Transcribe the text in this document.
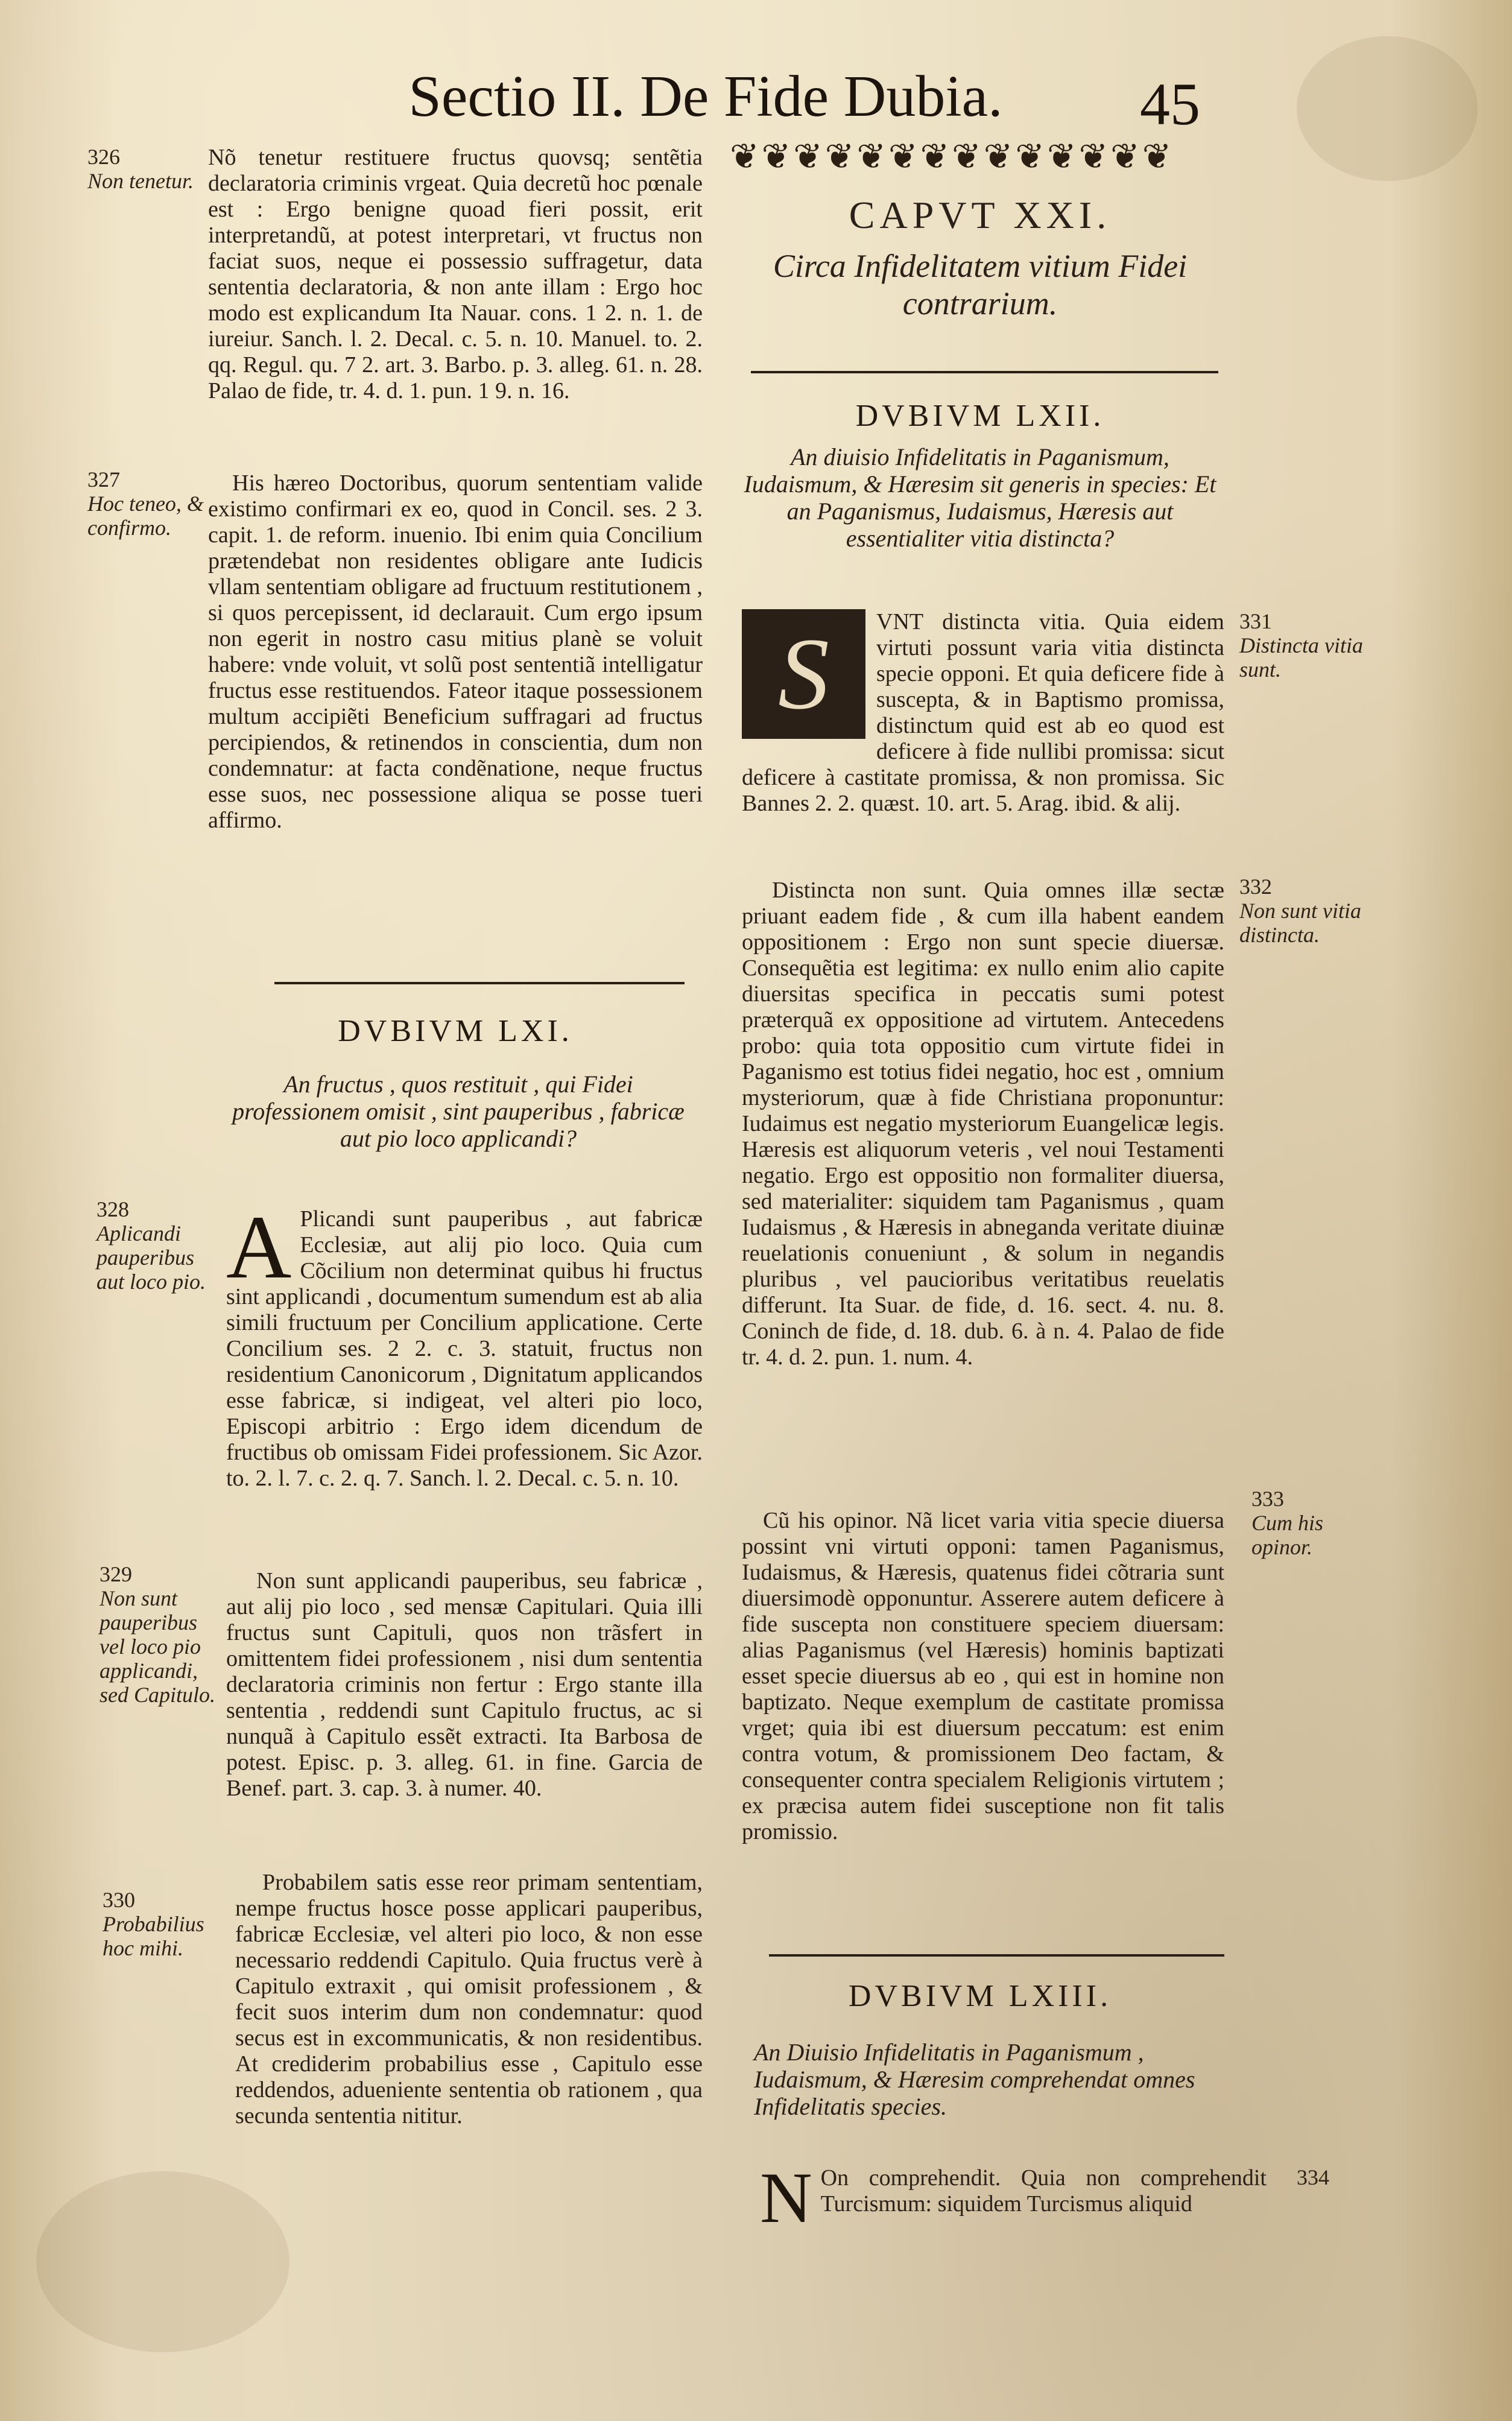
Sectio II. De Fide Dubia.	45
326
Non tenetur.

Nõ tenetur restituere fructus quovsq; sentẽtia declaratoria criminis vrgeat. Quia decretũ hoc pœnale est : Ergo benigne quoad fieri possit, erit interpretandũ, at potest interpretari, vt fructus non faciat suos, neque ei possessio suffragetur, data sententia declaratoria, & non ante illam : Ergo hoc modo est explicandum Ita Nauar. cons. 1 2. n. 1. de iureiur. Sanch. l. 2. Decal. c. 5. n. 10. Manuel. to. 2. qq. Regul. qu. 7 2. art. 3. Barbo. p. 3. alleg. 61. n. 28. Palao de fide, tr. 4. d. 1. pun. 1 9. n. 16.

327
Hoc teneo, & confirmo.

His hæreo Doctoribus, quorum sententiam valide existimo confirmari ex eo, quod in Concil. ses. 2 3. capit. 1. de reform. inuenio. Ibi enim quia Concilium prætendebat non residentes obligare ante Iudicis vllam sententiam obligare ad fructuum restitutionem , si quos percepissent, id declarauit. Cum ergo ipsum non egerit in nostro casu mitius planè se voluit habere: vnde voluit, vt solũ post sententiã intelligatur fructus esse restituendos. Fateor itaque possessionem multum accipiẽti Beneficium suffragari ad fructus percipiendos, & retinendos in conscientia, dum non condemnatur: at facta condẽnatione, neque fructus esse suos, nec possessione aliqua se posse tueri affirmo.

DVBIVM LXI.
An fructus , quos restituit , qui Fidei professionem omisit , sint pauperibus , fabricæ aut pio loco applicandi?
328
Aplicandi pauperibus aut loco pio. A Plicandi sunt pauperibus , aut fabricæ Ecclesiæ, aut alij pio loco. Quia cum Cõcilium non determinat quibus hi fructus sint applicandi , documentum sumendum est ab alia simili fructuum per Concilium applicatione. Certe Concilium ses. 2 2. c. 3. statuit, fructus non residentium Canonicorum , Dignitatum applicandos esse fabricæ, si indigeat, vel alteri pio loco, Episcopi arbitrio : Ergo idem dicendum de fructibus ob omissam Fidei professionem. Sic Azor. to. 2. l. 7. c. 2. q. 7. Sanch. l. 2. Decal. c. 5. n. 10.

329
Non sunt pauperibus vel loco pio applicandi, sed Capitulo.

Non sunt applicandi pauperibus, seu fabricæ , aut alij pio loco , sed mensæ Capitulari. Quia illi fructus sunt Capituli, quos non trãsfert in omittentem fidei professionem , nisi dum sententia declaratoria criminis non fertur : Ergo stante illa sententia , reddendi sunt Capitulo fructus, ac si nunquã à Capitulo essẽt extracti. Ita Barbosa de potest. Episc. p. 3. alleg. 61. in fine. Garcia de Benef. part. 3. cap. 3. à numer. 40.

330
Probabilius hoc mihi.

Probabilem satis esse reor primam sententiam, nempe fructus hosce posse applicari pauperibus, fabricæ Ecclesiæ, vel alteri pio loco, & non esse necessario reddendi Capitulo. Quia fructus verè à Capitulo extraxit , qui omisit professionem , & fecit suos interim dum non condemnatur: quod secus est in excommunicatis, & non residentibus. At crediderim probabilius esse , Capitulo esse reddendos, adueniente sententia ob rationem , qua secunda sententia nititur.

❦❦❦❦❦❦❦❦❦❦❦❦❦❦
CAPVT XXI.
Circa Infidelitatem vitium Fidei contrarium.
DVBIVM LXII.
An diuisio Infidelitatis in Paganismum, Iudaismum, & Hæresim sit generis in species: Et an Paganismus, Iudaismus, Hæresis aut essentialiter vitia distincta?

S	VNT distincta vitia. Quia eidem virtuti possunt varia vitia distincta specie opponi. Et quia deficere fide à suscepta, & in Baptismo promissa, distinctum quid est ab eo quod est deficere à fide nullibi promissa: sicut deficere à castitate promissa, & non promissa. Sic Bannes 2. 2. quæst. 10. art. 5. Arag. ibid. & alij.

331
Distincta vitia sunt.

Distincta non sunt. Quia omnes illæ sectæ priuant eadem fide , & cum illa habent eandem oppositionem : Ergo non sunt specie diuersæ. Consequẽtia est legitima: ex nullo enim alio capite diuersitas specifica in peccatis sumi potest præterquã ex oppositione ad virtutem. Antecedens probo: quia tota oppositio cum virtute fidei in Paganismo est totius fidei negatio, hoc est , omnium mysteriorum, quæ à fide Christiana proponuntur: Iudaimus est negatio mysteriorum Euangelicæ legis. Hæresis est aliquorum veteris , vel noui Testamenti negatio. Ergo est oppositio non formaliter diuersa, sed materialiter: siquidem tam Paganismus , quam Iudaismus , & Hæresis in abneganda veritate diuinæ reuelationis conueniunt , & solum in negandis pluribus , vel paucioribus veritatibus reuelatis differunt. Ita Suar. de fide, d. 16. sect. 4. nu. 8. Coninch de fide, d. 18. dub. 6. à n. 4. Palao de fide tr. 4. d. 2. pun. 1. num. 4.

332
Non sunt vitia distincta.

Cũ his opinor. Nã licet varia vitia specie diuersa possint vni virtuti opponi: tamen Paganismus, Iudaismus, & Hæresis, quatenus fidei cõtraria sunt diuersimodè opponuntur. Asserere autem deficere à fide suscepta non constituere speciem diuersam: alias Paganismus (vel Hæresis) hominis baptizati esset specie diuersus ab eo , qui est in homine non baptizato. Neque exemplum de castitate promissa vrget; quia ibi est diuersum peccatum: est enim contra votum, & promissionem Deo factam, & consequenter contra specialem Religionis virtutem ; ex præcisa autem fidei susceptione non fit talis promissio.

333
Cum his opinor.
DVBIVM LXIII.
An Diuisio Infidelitatis in Paganismum , Iudaismum, & Hæresim comprehendat omnes Infidelitatis species.

N On comprehendit. Quia non comprehendit Turcismum: siquidem Turcismus aliquid

334
